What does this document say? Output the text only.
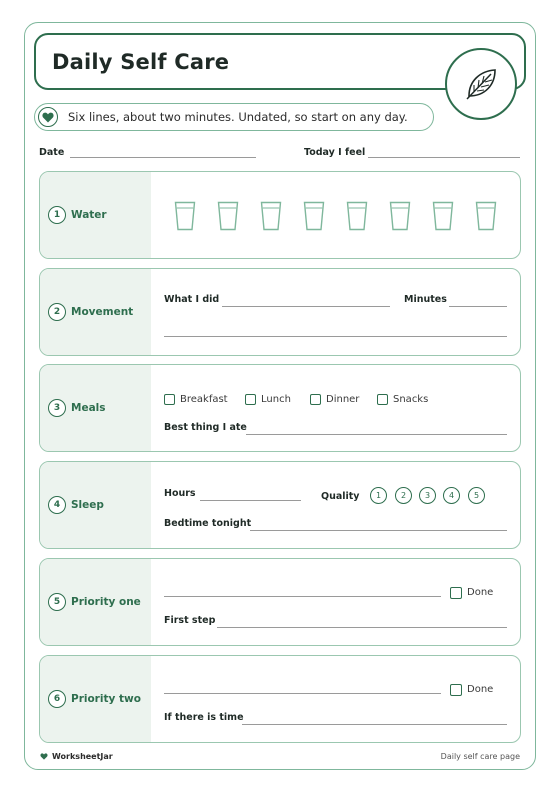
Daily Self Care
Six lines, about two minutes. Undated, so start on any day.
Date	Today I feel
1	Water
2	Movement
What I did	Minutes
3	Meals
Breakfast	Lunch	Dinner	Snacks
Best thing I ate
4	Sleep
Hours	Quality	1	2	3	4	5
Bedtime tonight
5	Priority one
Done
First step
6	Priority two
Done
If there is time
WorksheetJar	Daily self care page
